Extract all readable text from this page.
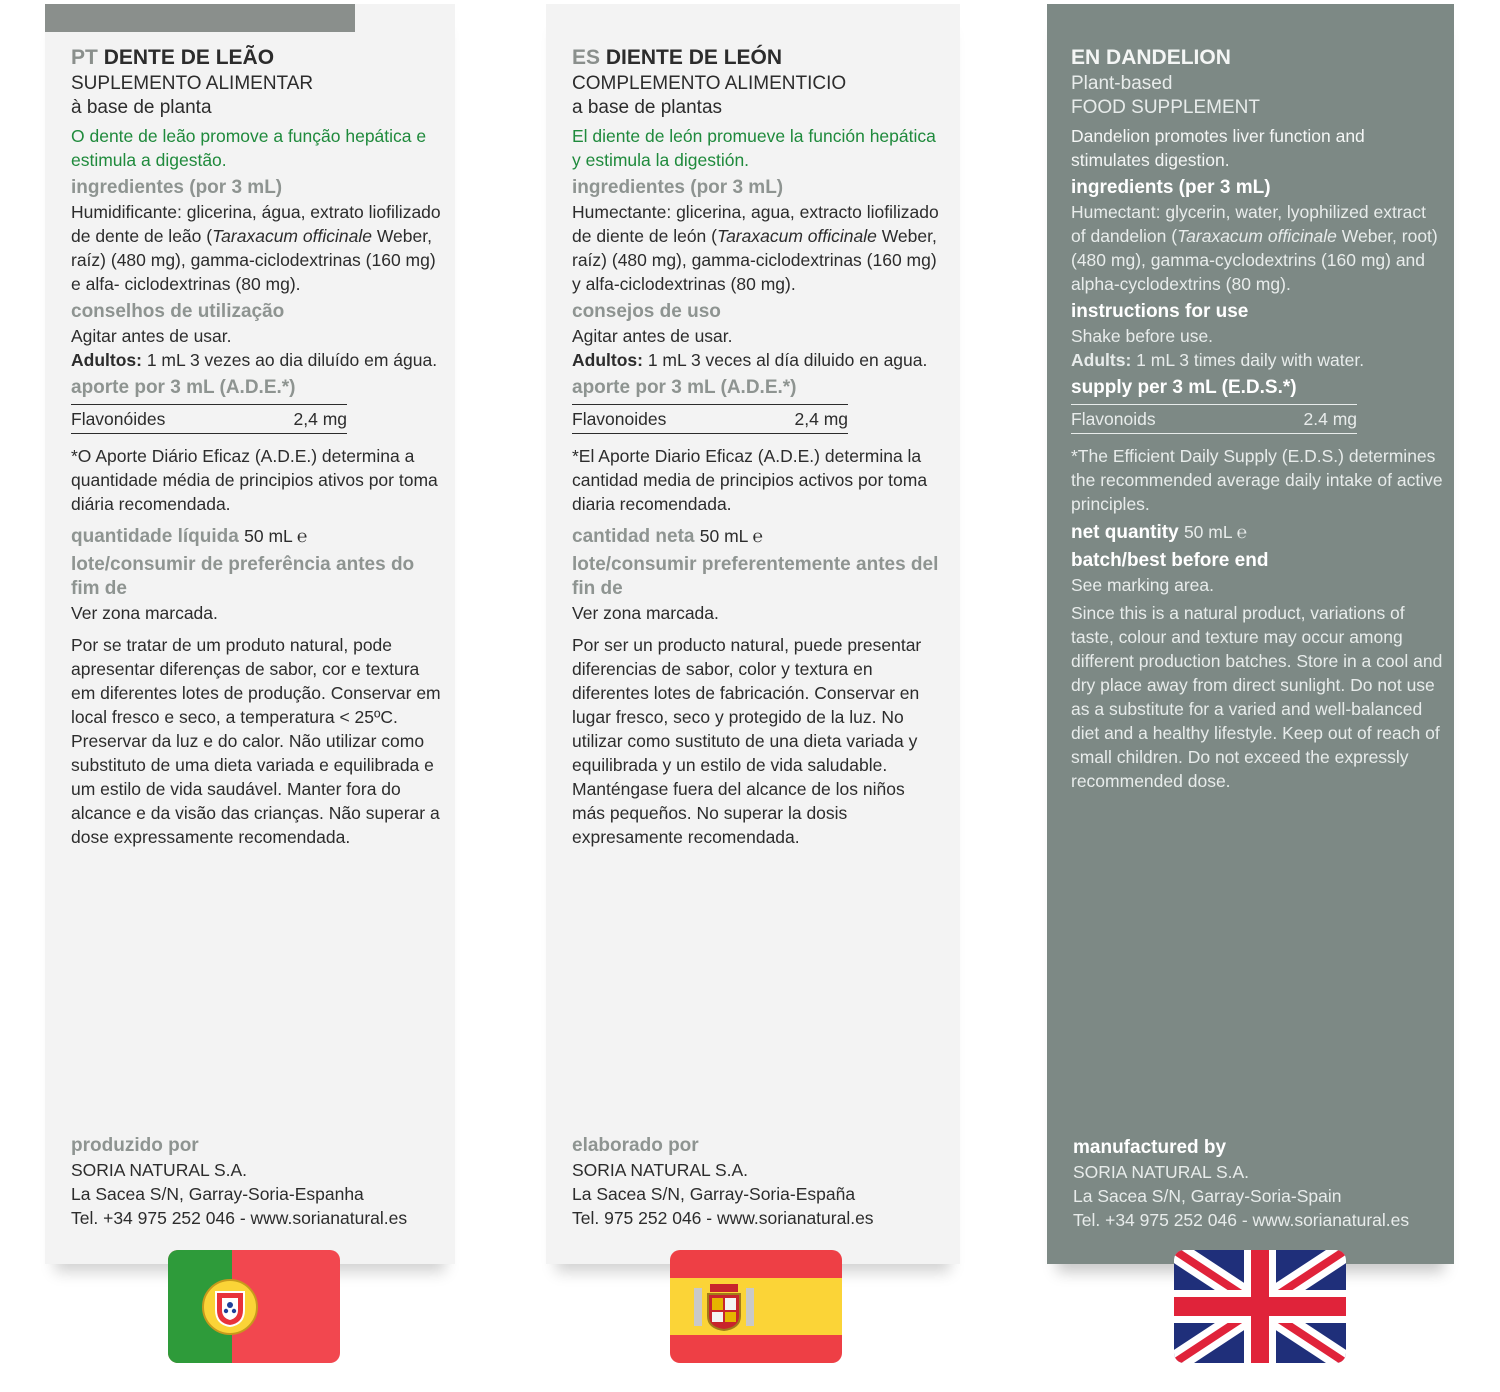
PT DENTE DE LEÃO
SUPLEMENTO ALIMENTAR
à base de planta
O dente de leão promove a função hepática e estimula a digestão.
ingredientes (por 3 mL)
Humidificante: glicerina, água, extrato liofilizado de dente de leão (Taraxacum officinale Weber, raíz) (480 mg), gamma-ciclodextrinas (160 mg) e alfa- ciclodextrinas (80 mg).
conselhos de utilização
Agitar antes de usar.
Adultos: 1 mL 3 vezes ao dia diluído em água.
aporte por 3 mL (A.D.E.*)
Flavonóides	2,4 mg
*O Aporte Diário Eficaz (A.D.E.) determina a quantidade média de principios ativos por toma diária recomendada.
quantidade líquida 50 mL ℮
lote/consumir de preferência antes do fim de
Ver zona marcada.
Por se tratar de um produto natural, pode apresentar diferenças de sabor, cor e textura em diferentes lotes de produção. Conservar em local fresco e seco, a temperatura < 25ºC. Preservar da luz e do calor. Não utilizar como substituto de uma dieta variada e equilibrada e um estilo de vida saudável. Manter fora do alcance e da visão das crianças. Não superar a dose expressamente recomendada.
produzido por
SORIA NATURAL S.A.
La Sacea S/N, Garray-Soria-Espanha
Tel. +34 975 252 046 - www.sorianatural.es
ES DIENTE DE LEÓN
COMPLEMENTO ALIMENTICIO
a base de plantas
El diente de león promueve la función hepática y estimula la digestión.
ingredientes (por 3 mL)
Humectante: glicerina, agua, extracto liofilizado de diente de león (Taraxacum officinale Weber, raíz) (480 mg), gamma-ciclodextrinas (160 mg) y alfa-ciclodextrinas (80 mg).
consejos de uso
Agitar antes de usar.
Adultos: 1 mL 3 veces al día diluido en agua.
aporte por 3 mL (A.D.E.*)
Flavonoides	2,4 mg
*El Aporte Diario Eficaz (A.D.E.) determina la cantidad media de principios activos por toma diaria recomendada.
cantidad neta 50 mL ℮
lote/consumir preferentemente antes del fin de
Ver zona marcada.
Por ser un producto natural, puede presentar diferencias de sabor, color y textura en diferentes lotes de fabricación. Conservar en lugar fresco, seco y protegido de la luz. No utilizar como sustituto de una dieta variada y equilibrada y un estilo de vida saludable. Manténgase fuera del alcance de los niños más pequeños. No superar la dosis expresamente recomendada.
elaborado por
SORIA NATURAL S.A.
La Sacea S/N, Garray-Soria-España
Tel. 975 252 046 - www.sorianatural.es
EN DANDELION
Plant-based
FOOD SUPPLEMENT
Dandelion promotes liver function and stimulates digestion.
ingredients (per 3 mL)
Humectant: glycerin, water, lyophilized extract of dandelion (Taraxacum officinale Weber, root) (480 mg), gamma-cyclodextrins (160 mg) and alpha-cyclodextrins (80 mg).
instructions for use
Shake before use.
Adults: 1 mL 3 times daily with water.
supply per 3 mL (E.D.S.*)
Flavonoids	2.4 mg
*The Efficient Daily Supply (E.D.S.) determines the recommended average daily intake of active principles.
net quantity 50 mL ℮
batch/best before end
See marking area.
Since this is a natural product, variations of taste, colour and texture may occur among different production batches. Store in a cool and dry place away from direct sunlight. Do not use as a substitute for a varied and well-balanced diet and a healthy lifestyle. Keep out of reach of small children. Do not exceed the expressly recommended dose.
manufactured by
SORIA NATURAL S.A.
La Sacea S/N, Garray-Soria-Spain
Tel. +34 975 252 046 - www.sorianatural.es
